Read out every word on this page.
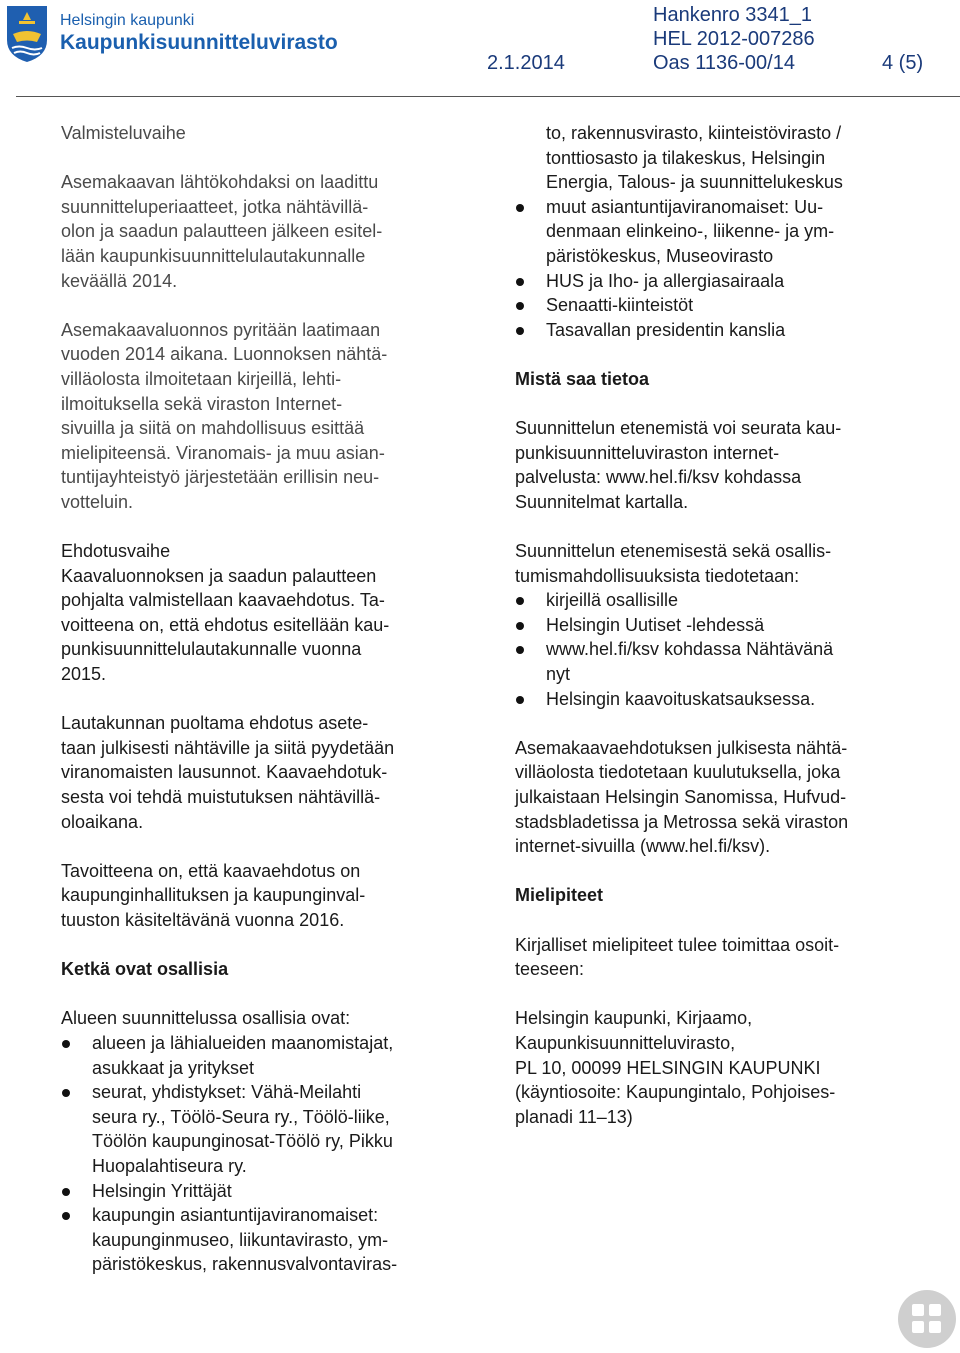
Helsingin kaupunki
Kaupunkisuunnitteluvirasto
Hankenro 3341_1
HEL 2012-007286
2.1.2014	Oas 1136-00/14	4 (5)

Valmisteluvaihe

Asemakaavan lähtökohdaksi on laadittu
suunnitteluperiaatteet, jotka nähtävillä-
olon ja saadun palautteen jälkeen esitel-
lään kaupunkisuunnittelulautakunnalle
keväällä 2014.

Asemakaavaluonnos pyritään laatimaan
vuoden 2014 aikana. Luonnoksen nähtä-
villäolosta ilmoitetaan kirjeillä, lehti-
ilmoituksella sekä viraston Internet-
sivuilla ja siitä on mahdollisuus esittää
mielipiteensä. Viranomais- ja muu asian-
tuntijayhteistyö järjestetään erillisin neu-
votteluin.

Ehdotusvaihe
Kaavaluonnoksen ja saadun palautteen
pohjalta valmistellaan kaavaehdotus. Ta-
voitteena on, että ehdotus esitellään kau-
punkisuunnittelulautakunnalle vuonna
2015.

Lautakunnan puoltama ehdotus asete-
taan julkisesti nähtäville ja siitä pyydetään
viranomaisten lausunnot. Kaavaehdotuk-
sesta voi tehdä muistutuksen nähtävillä-
oloaikana.

Tavoitteena on, että kaavaehdotus on
kaupunginhallituksen ja kaupunginval-
tuuston käsiteltävänä vuonna 2016.

Ketkä ovat osallisia

Alueen suunnittelussa osallisia ovat:

alueen ja lähialueiden maanomistajat,
asukkaat ja yritykset
seurat, yhdistykset: Vähä-Meilahti
seura ry., Töölö-Seura ry., Töölö-liike,
Töölön kaupunginosat-Töölö ry, Pikku
Huopalahtiseura ry.
Helsingin Yrittäjät
kaupungin asiantuntijaviranomaiset:
kaupunginmuseo, liikuntavirasto, ym-
päristökeskus, rakennusvalvontaviras-

to, rakennusvirasto, kiinteistövirasto /
tonttiosasto ja tilakeskus, Helsingin
Energia, Talous- ja suunnittelukeskus

muut asiantuntijaviranomaiset: Uu-
denmaan elinkeino-, liikenne- ja ym-
päristökeskus, Museovirasto
HUS ja Iho- ja allergiasairaala
Senaatti-kiinteistöt
Tasavallan presidentin kanslia

Mistä saa tietoa

Suunnittelun etenemistä voi seurata kau-
punkisuunnitteluviraston internet-
palvelusta: www.hel.fi/ksv kohdassa
Suunnitelmat kartalla.

Suunnittelun etenemisestä sekä osallis-
tumismahdollisuuksista tiedotetaan:

kirjeillä osallisille
Helsingin Uutiset -lehdessä
www.hel.fi/ksv kohdassa Nähtävänä
nyt
Helsingin kaavoituskatsauksessa.

Asemakaavaehdotuksen julkisesta nähtä-
villäolosta tiedotetaan kuulutuksella, joka
julkaistaan Helsingin Sanomissa, Hufvud-
stadsbladetissa ja Metrossa sekä viraston
internet-sivuilla (www.hel.fi/ksv).

Mielipiteet

Kirjalliset mielipiteet tulee toimittaa osoit-
teeseen:

Helsingin kaupunki, Kirjaamo,
Kaupunkisuunnitteluvirasto,
PL 10, 00099 HELSINGIN KAUPUNKI
(käyntiosoite: Kaupungintalo, Pohjoises-
planadi 11–13)
